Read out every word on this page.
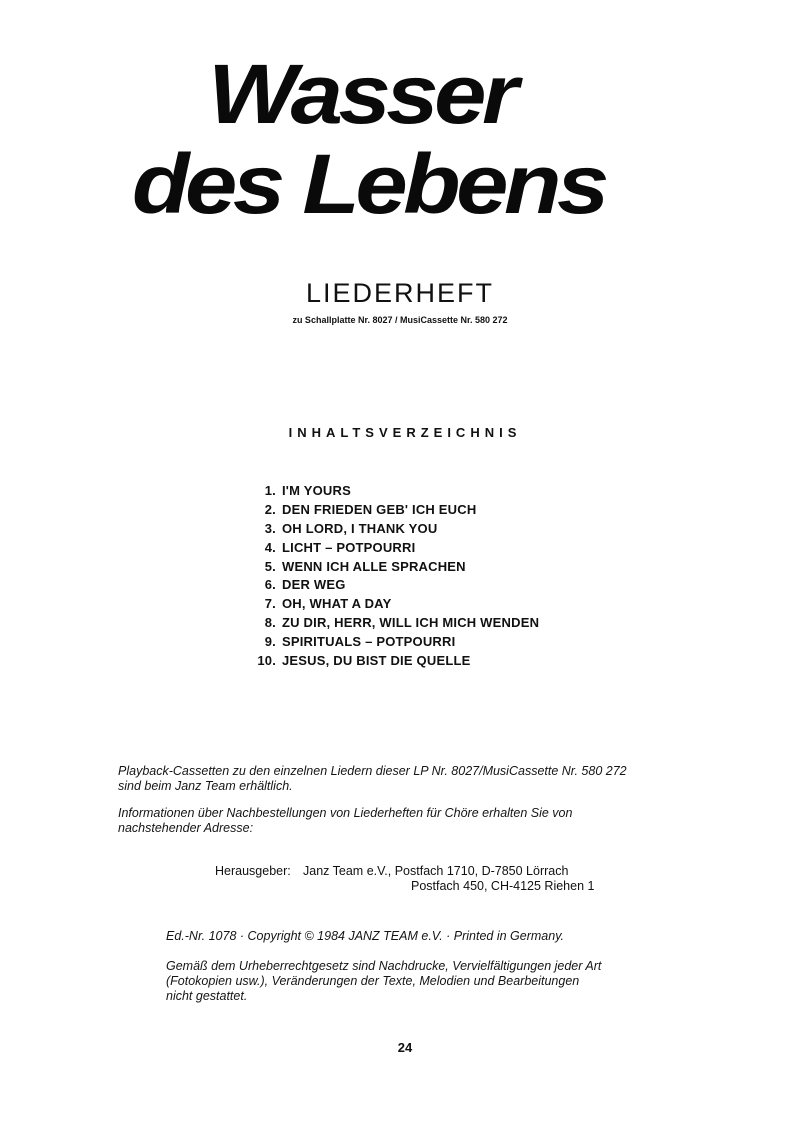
Wasser
des Lebens
LIEDERHEFT
zu Schallplatte Nr. 8027 / MusiCassette Nr. 580 272
INHALTSVERZEICHNIS
1. I'M YOURS
2. DEN FRIEDEN GEB' ICH EUCH
3. OH LORD, I THANK YOU
4. LICHT – POTPOURRI
5. WENN ICH ALLE SPRACHEN
6. DER WEG
7. OH, WHAT A DAY
8. ZU DIR, HERR, WILL ICH MICH WENDEN
9. SPIRITUALS – POTPOURRI
10. JESUS, DU BIST DIE QUELLE
Playback-Cassetten zu den einzelnen Liedern dieser LP Nr. 8027/MusiCassette Nr. 580 272
sind beim Janz Team erhältlich.
Informationen über Nachbestellungen von Liederheften für Chöre erhalten Sie von
nachstehender Adresse:
Herausgeber: Janz Team e.V., Postfach 1710, D-7850 Lörrach
Postfach 450, CH-4125 Riehen 1
Ed.-Nr. 1078 · Copyright © 1984 JANZ TEAM e.V. · Printed in Germany.
Gemäß dem Urheberrechtgesetz sind Nachdrucke, Vervielfältigungen jeder Art
(Fotokopien usw.), Veränderungen der Texte, Melodien und Bearbeitungen
nicht gestattet.
24
